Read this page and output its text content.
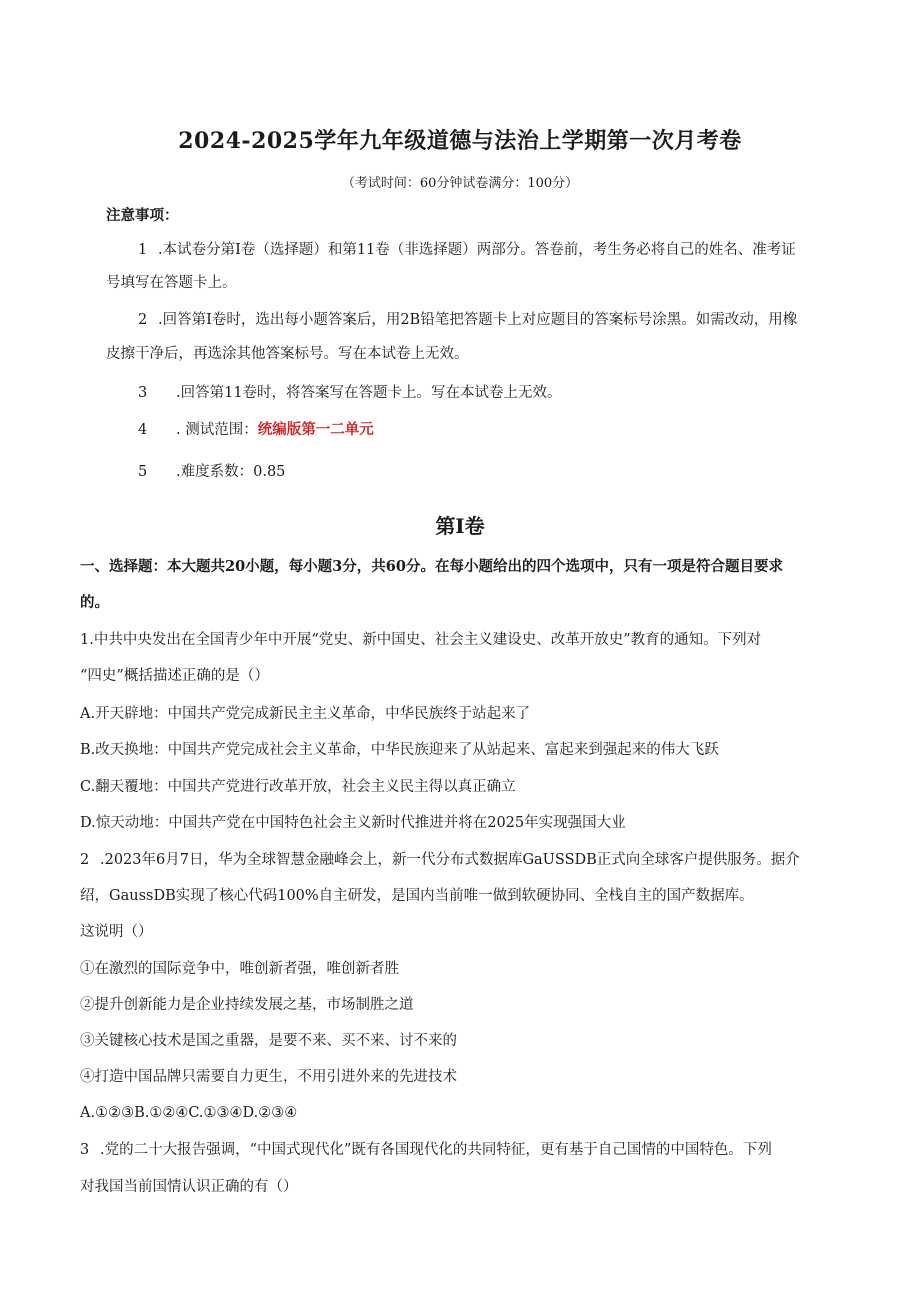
2024-2025学年九年级道德与法治上学期第一次月考卷
（考试时间：60分钟试卷满分：100分）
注意事项：
1 .本试卷分第I卷（选择题）和第11卷（非选择题）两部分。答卷前，考生务必将自己的姓名、准考证
号填写在答题卡上。
2 .回答第I卷时，选出每小题答案后，用2B铅笔把答题卡上对应题目的答案标号涂黑。如需改动，用橡
皮擦干净后，再选涂其他答案标号。写在本试卷上无效。
3 .回答第11卷时，将答案写在答题卡上。写在本试卷上无效。
4 . 测试范围：统编版第一二单元
5 .难度系数：0.85
第I卷
一、选择题：本大题共20小题，每小题3分，共60分。在每小题给出的四个选项中，只有一项是符合题目要求
的。
1.中共中央发出在全国青少年中开展“党史、新中国史、社会主义建设史、改革开放史”教育的通知。下列对
“四史”概括描述正确的是（）
A.开天辟地：中国共产党完成新民主主义革命，中华民族终于站起来了
B.改天换地：中国共产党完成社会主义革命，中华民族迎来了从站起来、富起来到强起来的伟大飞跃
C.翻天覆地：中国共产党进行改革开放，社会主义民主得以真正确立
D.惊天动地：中国共产党在中国特色社会主义新时代推进并将在2025年实现强国大业
2 .2023年6月7日，华为全球智慧金融峰会上，新一代分布式数据库GaUSSDB正式向全球客户提供服务。据介
绍，GaussDB实现了核心代码100%自主研发，是国内当前唯一做到软硬协同、全栈自主的国产数据库。
这说明（）
①在激烈的国际竞争中，唯创新者强，唯创新者胜
②提升创新能力是企业持续发展之基，市场制胜之道
③关键核心技术是国之重器，是要不来、买不来、讨不来的
④打造中国品牌只需要自力更生，不用引进外来的先进技术
A.①②③B.①②④C.①③④D.②③④
3 .党的二十大报告强调，“中国式现代化”既有各国现代化的共同特征，更有基于自己国情的中国特色。下列
对我国当前国情认识正确的有（）
